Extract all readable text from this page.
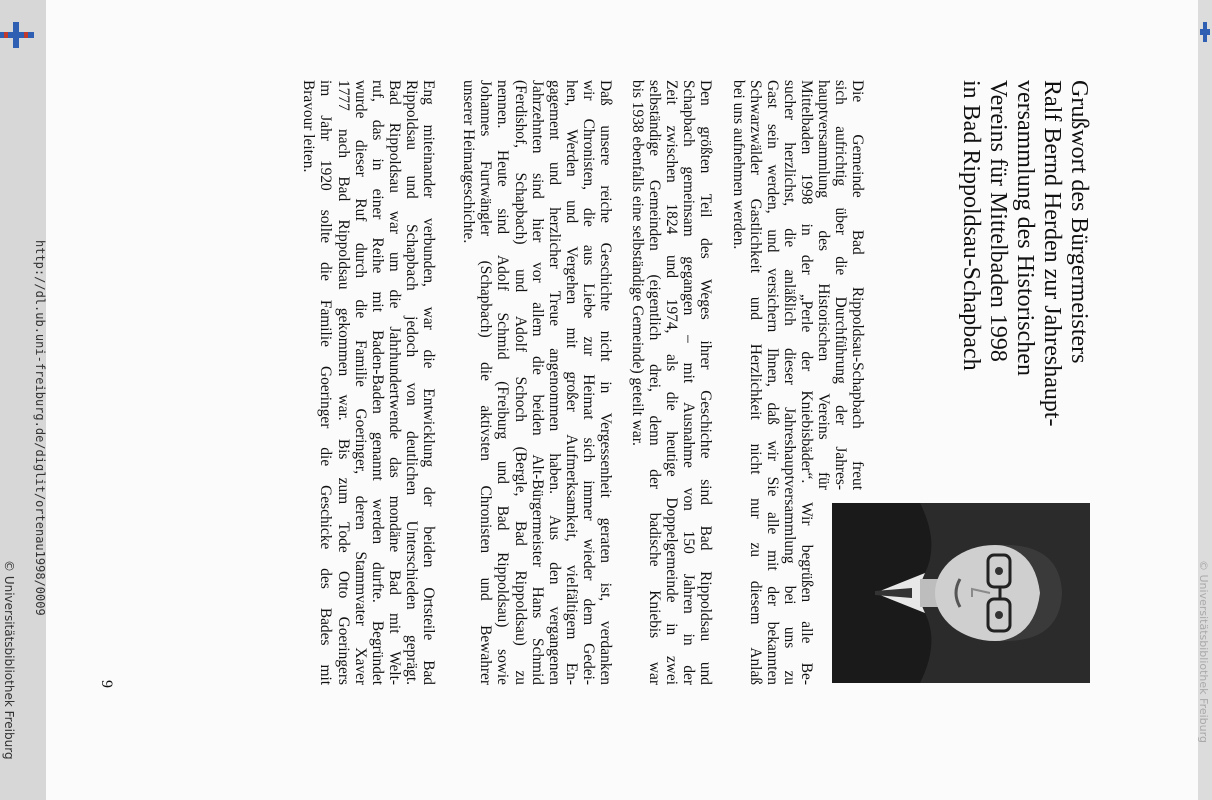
© Universitätsbibliothek Freiburg
Grußwort des Bürgermeisters
Ralf Bernd Herden zur Jahreshaupt-
versammlung des Historischen
Vereins für Mittelbaden 1998
in Bad Rippoldsau-Schapbach
Die Gemeinde Bad Rippoldsau-Schapbach freut
sich aufrichtig über die Durchführung der Jahres-
hauptversammlung des Historischen Vereins für
Mittelbaden 1998 in der „Perle der Kniebisbäder“. Wir begrüßen alle Be-
sucher herzlichst, die anläßlich dieser Jahreshauptversammlung bei uns zu
Gast sein werden, und versichern Ihnen, daß wir Sie alle mit der bekannten
Schwarzwälder Gastlichkeit und Herzlichkeit nicht nur zu diesem Anlaß
bei uns aufnehmen werden.
Den größten Teil des Weges ihrer Geschichte sind Bad Rippoldsau und
Schapbach gemeinsam gegangen – mit Ausnahme von 150 Jahren in der
Zeit zwischen 1824 und 1974, als die heutige Doppelgemeinde in zwei
selbständige Gemeinden (eigentlich drei, denn der badische Kniebis war
bis 1938 ebenfalls eine selbständige Gemeinde) geteilt war.
Daß unsere reiche Geschichte nicht in Vergessenheit geraten ist, verdanken
wir Chronisten, die aus Liebe zur Heimat sich immer wieder dem Gedei-
hen, Werden und Vergehen mit großer Aufmerksamkeit, vielfältigem En-
gagement und herzlicher Treue angenommen haben. Aus den vergangenen
Jahrzehnten sind hier vor allem die beiden Alt-Bürgermeister Hans Schmid
(Ferdishof, Schapbach) und Adolf Schoch (Bergle, Bad Rippoldsau) zu
nennen. Heute sind Adolf Schmid (Freiburg und Bad Rippoldsau) sowie
Johannes Furtwängler (Schapbach) die aktivsten Chronisten und Bewahrer
unserer Heimatgeschichte.
Eng miteinander verbunden, war die Entwicklung der beiden Ortsteile Bad
Rippoldsau und Schapbach jedoch von deutlichen Unterschieden geprägt.
Bad Rippoldsau war um die Jahrhundertwende das mondäne Bad mit Welt-
ruf, das in einer Reihe mit Baden-Baden genannt werden durfte. Begründet
wurde dieser Ruf durch die Familie Goeringer, deren Stammvater Xaver
1777 nach Bad Rippoldsau gekommen war. Bis zum Tode Otto Goeringers
im Jahr 1920 sollte die Familie Goeringer die Geschicke des Bades mit
Bravour leiten.
9
http://dl.ub.uni-freiburg.de/diglit/ortenau1998/0009
© Universitätsbibliothek Freiburg
